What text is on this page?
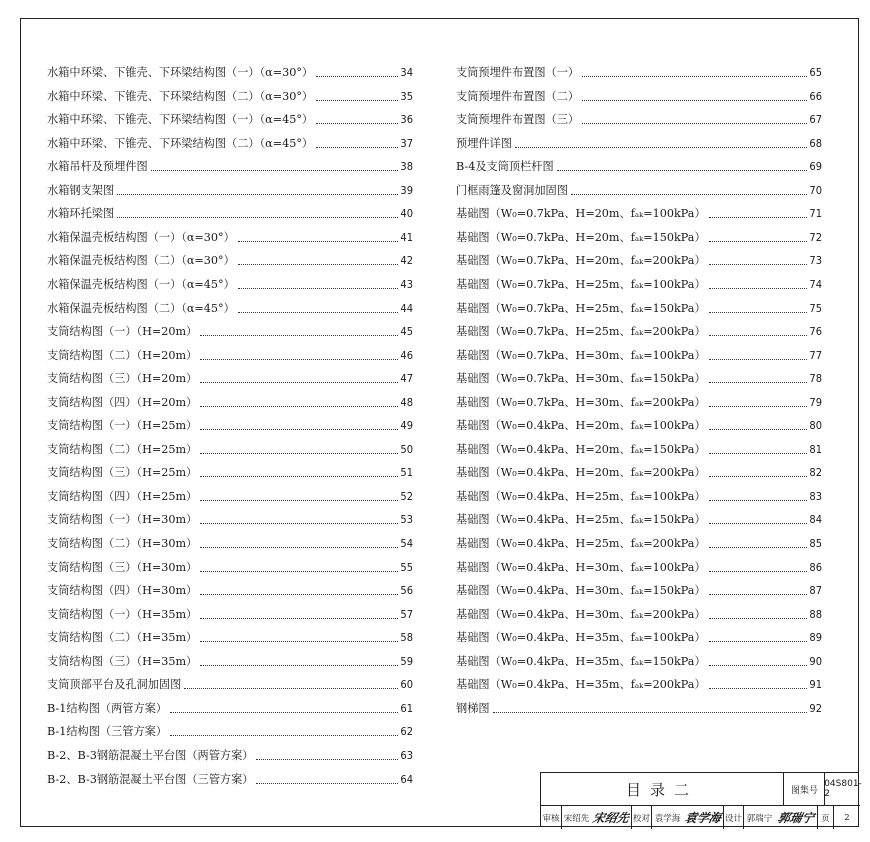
水箱中环梁、下锥壳、下环梁结构图（一）（α=30°）	34
水箱中环梁、下锥壳、下环梁结构图（二）（α=30°）	35
水箱中环梁、下锥壳、下环梁结构图（一）（α=45°）	36
水箱中环梁、下锥壳、下环梁结构图（二）（α=45°）	37
水箱吊杆及预埋件图	38
水箱钢支架图	39
水箱环托梁图	40
水箱保温壳板结构图（一）（α=30°）	41
水箱保温壳板结构图（二）（α=30°）	42
水箱保温壳板结构图（一）（α=45°）	43
水箱保温壳板结构图（二）（α=45°）	44
支筒结构图（一）（H=20m）	45
支筒结构图（二）（H=20m）	46
支筒结构图（三）（H=20m）	47
支筒结构图（四）（H=20m）	48
支筒结构图（一）（H=25m）	49
支筒结构图（二）（H=25m）	50
支筒结构图（三）（H=25m）	51
支筒结构图（四）（H=25m）	52
支筒结构图（一）（H=30m）	53
支筒结构图（二）（H=30m）	54
支筒结构图（三）（H=30m）	55
支筒结构图（四）（H=30m）	56
支筒结构图（一）（H=35m）	57
支筒结构图（二）（H=35m）	58
支筒结构图（三）（H=35m）	59
支筒顶部平台及孔洞加固图	60
B-1结构图（两管方案）	61
B-1结构图（三管方案）	62
B-2、B-3钢筋混凝土平台图（两管方案）	63
B-2、B-3钢筋混凝土平台图（三管方案）	64
支筒预埋件布置图（一）	65
支筒预埋件布置图（二）	66
支筒预埋件布置图（三）	67
预埋件详图	68
B-4及支筒顶栏杆图	69
门框雨篷及窗洞加固图	70
基础图（W₀=0.7kPa、H=20m、fₐₖ=100kPa）	71
基础图（W₀=0.7kPa、H=20m、fₐₖ=150kPa）	72
基础图（W₀=0.7kPa、H=20m、fₐₖ=200kPa）	73
基础图（W₀=0.7kPa、H=25m、fₐₖ=100kPa）	74
基础图（W₀=0.7kPa、H=25m、fₐₖ=150kPa）	75
基础图（W₀=0.7kPa、H=25m、fₐₖ=200kPa）	76
基础图（W₀=0.7kPa、H=30m、fₐₖ=100kPa）	77
基础图（W₀=0.7kPa、H=30m、fₐₖ=150kPa）	78
基础图（W₀=0.7kPa、H=30m、fₐₖ=200kPa）	79
基础图（W₀=0.4kPa、H=20m、fₐₖ=100kPa）	80
基础图（W₀=0.4kPa、H=20m、fₐₖ=150kPa）	81
基础图（W₀=0.4kPa、H=20m、fₐₖ=200kPa）	82
基础图（W₀=0.4kPa、H=25m、fₐₖ=100kPa）	83
基础图（W₀=0.4kPa、H=25m、fₐₖ=150kPa）	84
基础图（W₀=0.4kPa、H=25m、fₐₖ=200kPa）	85
基础图（W₀=0.4kPa、H=30m、fₐₖ=100kPa）	86
基础图（W₀=0.4kPa、H=30m、fₐₖ=150kPa）	87
基础图（W₀=0.4kPa、H=30m、fₐₖ=200kPa）	88
基础图（W₀=0.4kPa、H=35m、fₐₖ=100kPa）	89
基础图（W₀=0.4kPa、H=35m、fₐₖ=150kPa）	90
基础图（W₀=0.4kPa、H=35m、fₐₖ=200kPa）	91
钢梯图	92
目录二	图集号
04S801-2
审核 宋绍先 宋绍先 校对 袁学海 袁学海 设计 郭瑞宁 郭瑞宁 页	2
